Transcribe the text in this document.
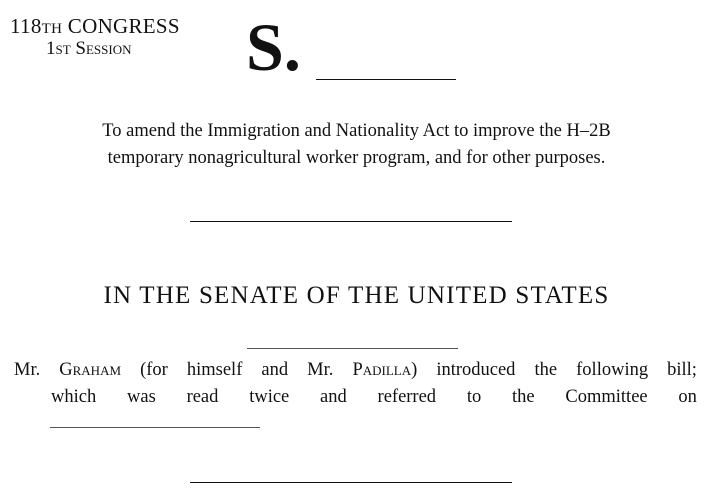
118th CONGRESS
1st Session	S.
To amend the Immigration and Nationality Act to improve the H–2B
temporary nonagricultural worker program, and for other purposes.
IN THE SENATE OF THE UNITED STATES
Mr. Graham (for himself and Mr. Padilla) introduced the following bill;
which was read twice and referred to the Committee on
